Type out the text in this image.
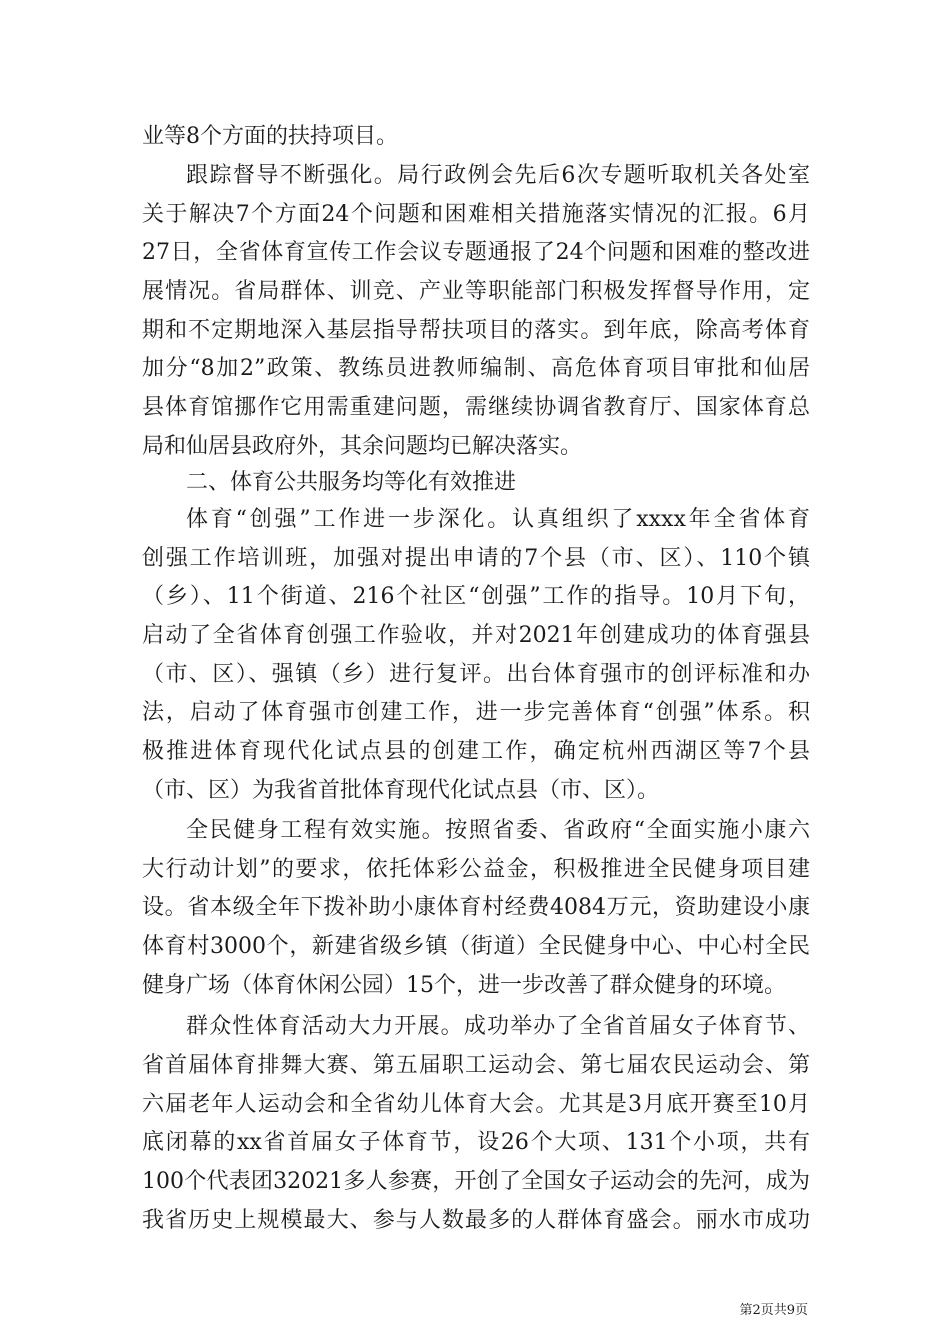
业等8个方面的扶持项目。
跟踪督导不断强化。局行政例会先后6次专题听取机关各处室
关于解决7个方面24个问题和困难相关措施落实情况的汇报。6月
27日，全省体育宣传工作会议专题通报了24个问题和困难的整改进
展情况。省局群体、训竞、产业等职能部门积极发挥督导作用，定
期和不定期地深入基层指导帮扶项目的落实。到年底，除高考体育
加分“8加2”政策、教练员进教师编制、高危体育项目审批和仙居
县体育馆挪作它用需重建问题，需继续协调省教育厅、国家体育总
局和仙居县政府外，其余问题均已解决落实。
二、体育公共服务均等化有效推进
体育“创强”工作进一步深化。认真组织了xxxx年全省体育
创强工作培训班，加强对提出申请的7个县（市、区）、110个镇
（乡）、11个街道、216个社区“创强”工作的指导。10月下旬，
启动了全省体育创强工作验收，并对2021年创建成功的体育强县
（市、区）、强镇（乡）进行复评。出台体育强市的创评标准和办
法，启动了体育强市创建工作，进一步完善体育“创强”体系。积
极推进体育现代化试点县的创建工作，确定杭州西湖区等7个县
（市、区）为我省首批体育现代化试点县（市、区）。
全民健身工程有效实施。按照省委、省政府“全面实施小康六
大行动计划”的要求，依托体彩公益金，积极推进全民健身项目建
设。省本级全年下拨补助小康体育村经费4084万元，资助建设小康
体育村3000个，新建省级乡镇（街道）全民健身中心、中心村全民
健身广场（体育休闲公园）15个，进一步改善了群众健身的环境。
群众性体育活动大力开展。成功举办了全省首届女子体育节、
省首届体育排舞大赛、第五届职工运动会、第七届农民运动会、第
六届老年人运动会和全省幼儿体育大会。尤其是3月底开赛至10月
底闭幕的xx省首届女子体育节，设26个大项、131个小项，共有
100个代表团32021多人参赛，开创了全国女子运动会的先河，成为
我省历史上规模最大、参与人数最多的人群体育盛会。丽水市成功
第2页共9页
